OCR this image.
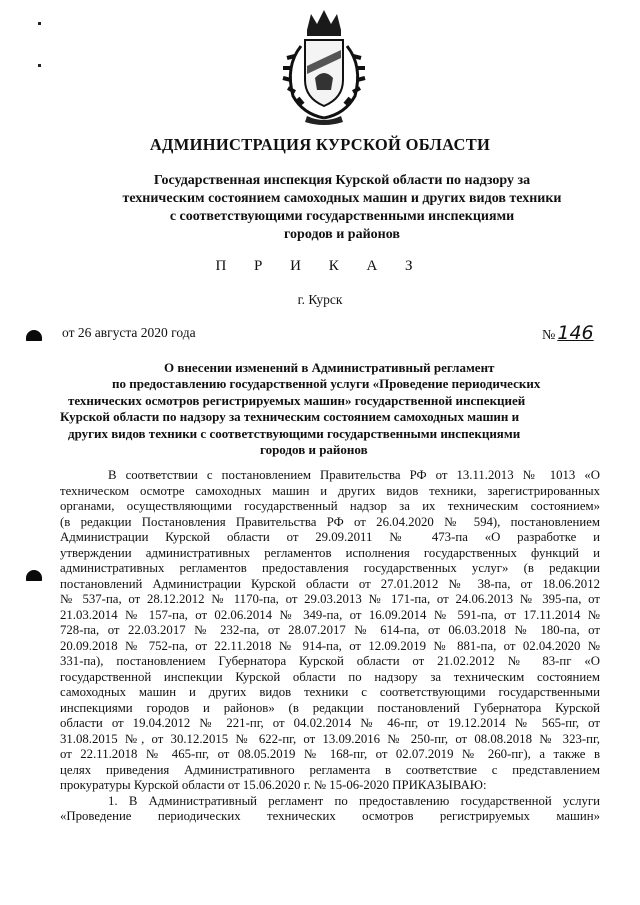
АДМИНИСТРАЦИЯ КУРСКОЙ ОБЛАСТИ
Государственная инспекция Курской области по надзору за
техническим состоянием самоходных машин и других видов техники
с соответствующими государственными инспекциями
городов и районов
П Р И К А З
г. Курск
от 26 августа 2020 года	№ 146
О внесении изменений в Административный регламент
по предоставлению государственной услуги «Проведение периодических
технических осмотров регистрируемых машин» государственной инспекцией
Курской области по надзору за техническим состоянием самоходных машин и
других видов техники с соответствующими государственными инспекциями
городов и районов
В соответствии с постановлением Правительства РФ от 13.11.2013 № 1013 «О
техническом осмотре самоходных машин и других видов техники, зарегистрированных
органами, осуществляющими государственный надзор за их техническим состоянием»
(в редакции Постановления Правительства РФ от 26.04.2020 № 594), постановлением
Администрации Курской области от 29.09.2011 № 473-па «О разработке и
утверждении административных регламентов исполнения государственных функций и
административных регламентов предоставления государственных услуг» (в редакции
постановлений Администрации Курской области от 27.01.2012 № 38-па, от 18.06.2012
№ 537-па, от 28.12.2012 № 1170-па, от 29.03.2013 № 171-па, от 24.06.2013 № 395-па, от
21.03.2014 № 157-па, от 02.06.2014 № 349-па, от 16.09.2014 № 591-па, от 17.11.2014 №
728-па, от 22.03.2017 № 232-па, от 28.07.2017 № 614-па, от 06.03.2018 № 180-па, от
20.09.2018 № 752-па, от 22.11.2018 № 914-па, от 12.09.2019 № 881-па, от 02.04.2020 №
331-па), постановлением Губернатора Курской области от 21.02.2012 № 83-пг «О
государственной инспекции Курской области по надзору за техническим состоянием
самоходных машин и других видов техники с соответствующими государственными
инспекциями городов и районов» (в редакции постановлений Губернатора Курской
области от 19.04.2012 № 221-пг, от 04.02.2014 № 46-пг, от 19.12.2014 № 565-пг, от
31.08.2015 №, от 30.12.2015 № 622-пг, от 13.09.2016 № 250-пг, от 08.08.2018 № 323-пг,
от 22.11.2018 № 465-пг, от 08.05.2019 № 168-пг, от 02.07.2019 № 260-пг), а также в
целях приведения Административного регламента в соответствие с представлением
прокуратуры Курской области от 15.06.2020 г. № 15-06-2020 ПРИКАЗЫВАЮ:
1. В Административный регламент по предоставлению государственной услуги
«Проведение периодических технических осмотров регистрируемых машин»
